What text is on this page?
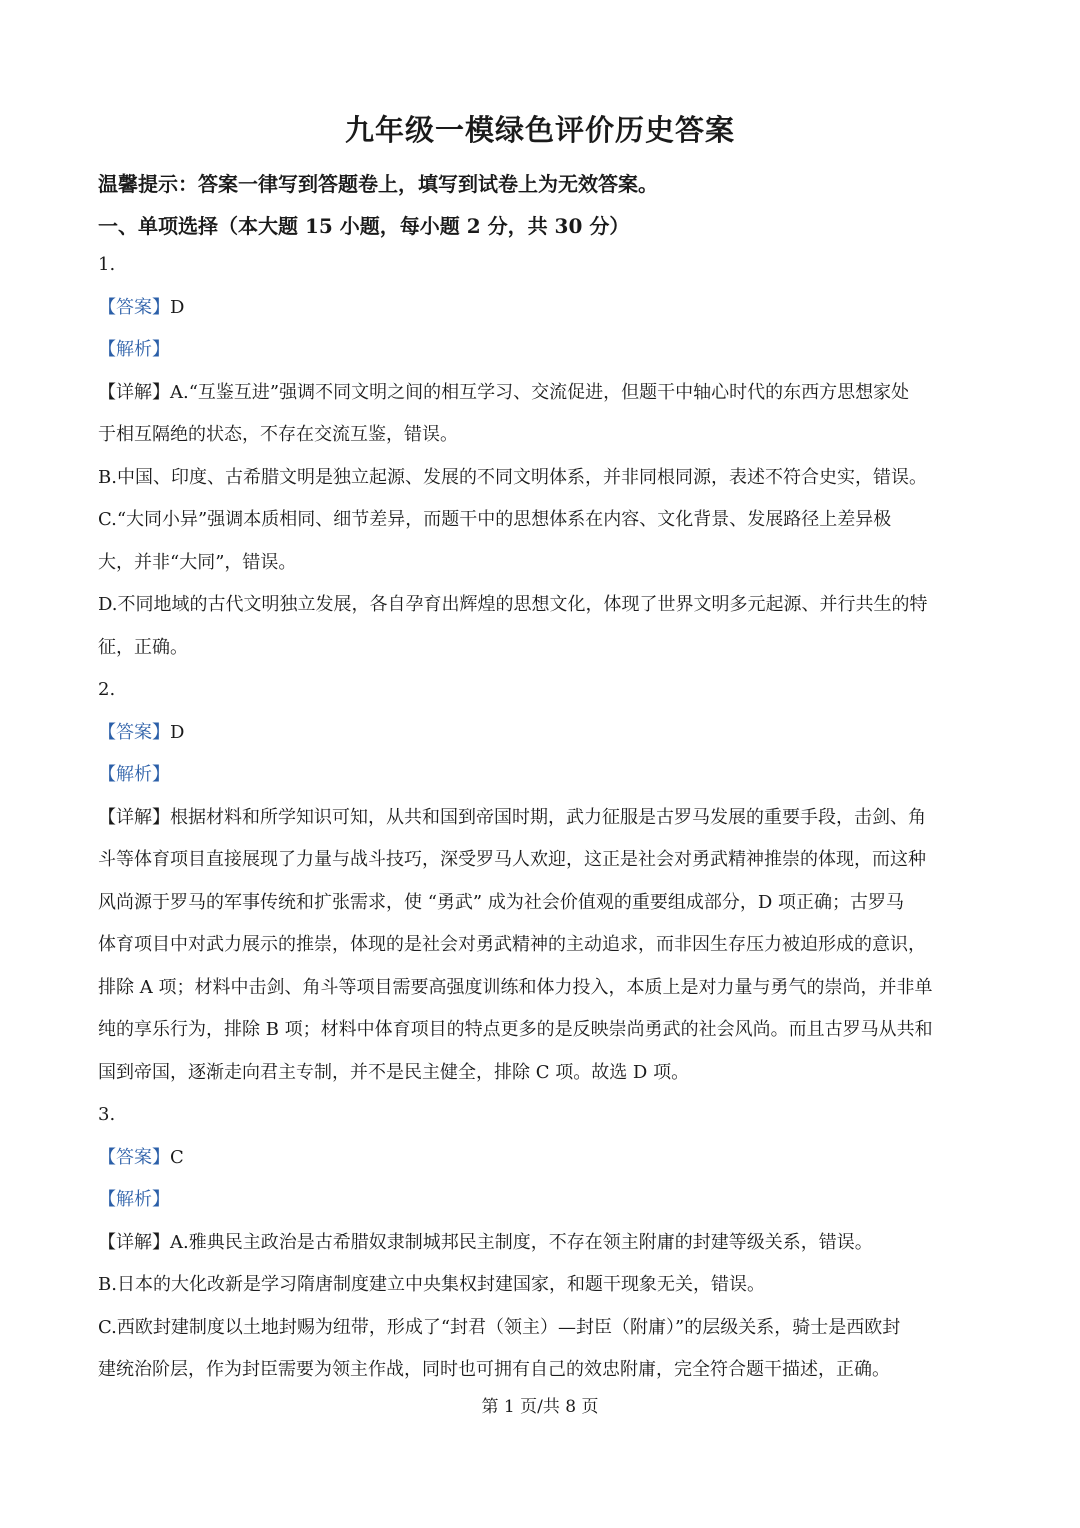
九年级一模绿色评价历史答案
温馨提示：答案一律写到答题卷上，填写到试卷上为无效答案。
一、单项选择（本大题 15 小题，每小题 2 分，共 30 分）
1.
【答案】D
【解析】
【详解】A.“互鉴互进”强调不同文明之间的相互学习、交流促进，但题干中轴心时代的东西方思想家处
于相互隔绝的状态，不存在交流互鉴，错误。
B.中国、印度、古希腊文明是独立起源、发展的不同文明体系，并非同根同源，表述不符合史实，错误。
C.“大同小异”强调本质相同、细节差异，而题干中的思想体系在内容、文化背景、发展路径上差异极
大，并非“大同”，错误。
D.不同地域的古代文明独立发展，各自孕育出辉煌的思想文化，体现了世界文明多元起源、并行共生的特
征，正确。
2.
【答案】D
【解析】
【详解】根据材料和所学知识可知，从共和国到帝国时期，武力征服是古罗马发展的重要手段，击剑、角
斗等体育项目直接展现了力量与战斗技巧，深受罗马人欢迎，这正是社会对勇武精神推崇的体现，而这种
风尚源于罗马的军事传统和扩张需求，使 “勇武” 成为社会价值观的重要组成部分，D 项正确；古罗马
体育项目中对武力展示的推崇，体现的是社会对勇武精神的主动追求，而非因生存压力被迫形成的意识，
排除 A 项；材料中击剑、角斗等项目需要高强度训练和体力投入，本质上是对力量与勇气的崇尚，并非单
纯的享乐行为，排除 B 项；材料中体育项目的特点更多的是反映崇尚勇武的社会风尚。而且古罗马从共和
国到帝国，逐渐走向君主专制，并不是民主健全，排除 C 项。故选 D 项。
3.
【答案】C
【解析】
【详解】A.雅典民主政治是古希腊奴隶制城邦民主制度，不存在领主附庸的封建等级关系，错误。
B.日本的大化改新是学习隋唐制度建立中央集权封建国家，和题干现象无关，错误。
C.西欧封建制度以土地封赐为纽带，形成了“封君（领主）—封臣（附庸）”的层级关系，骑士是西欧封
建统治阶层，作为封臣需要为领主作战，同时也可拥有自己的效忠附庸，完全符合题干描述，正确。
第 1 页/共 8 页
